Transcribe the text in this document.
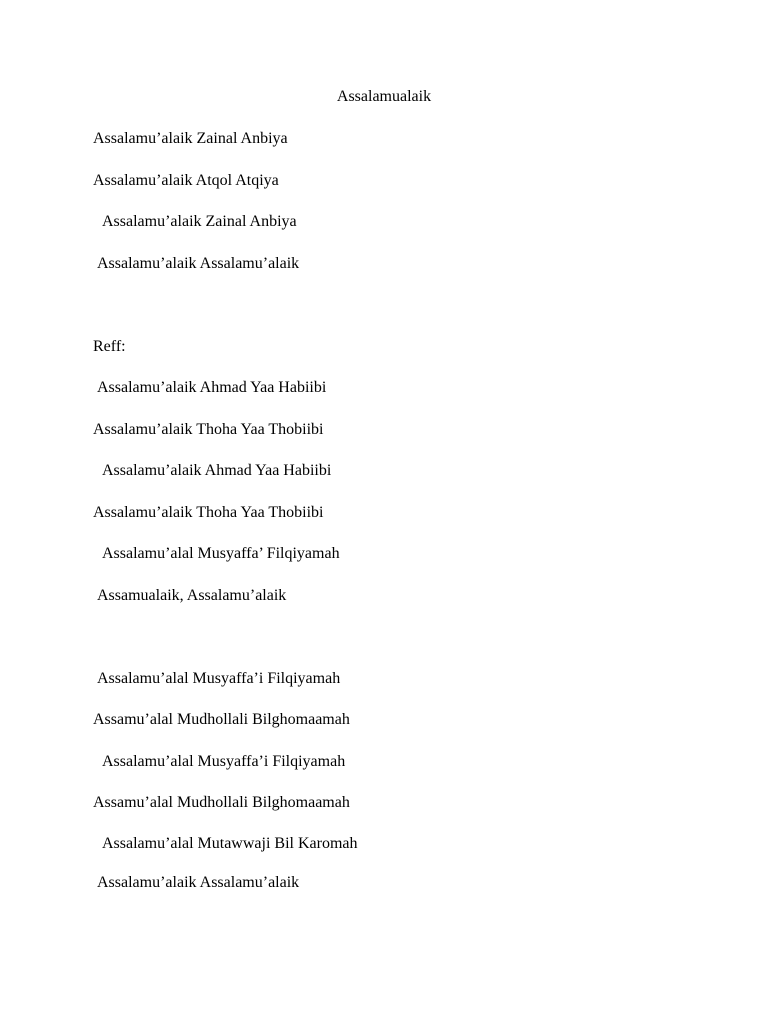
Assalamualaik
Assalamu’alaik Zainal Anbiya
Assalamu’alaik Atqol Atqiya
Assalamu’alaik Zainal Anbiya
Assalamu’alaik Assalamu’alaik
Reff:
Assalamu’alaik Ahmad Yaa Habiibi
Assalamu’alaik Thoha Yaa Thobiibi
Assalamu’alaik Ahmad Yaa Habiibi
Assalamu’alaik Thoha Yaa Thobiibi
Assalamu’alal Musyaffa’ Filqiyamah
Assamualaik, Assalamu’alaik
Assalamu’alal Musyaffa’i Filqiyamah
Assamu’alal Mudhollali Bilghomaamah
Assalamu’alal Musyaffa’i Filqiyamah
Assamu’alal Mudhollali Bilghomaamah
Assalamu’alal Mutawwaji Bil Karomah
Assalamu’alaik Assalamu’alaik
